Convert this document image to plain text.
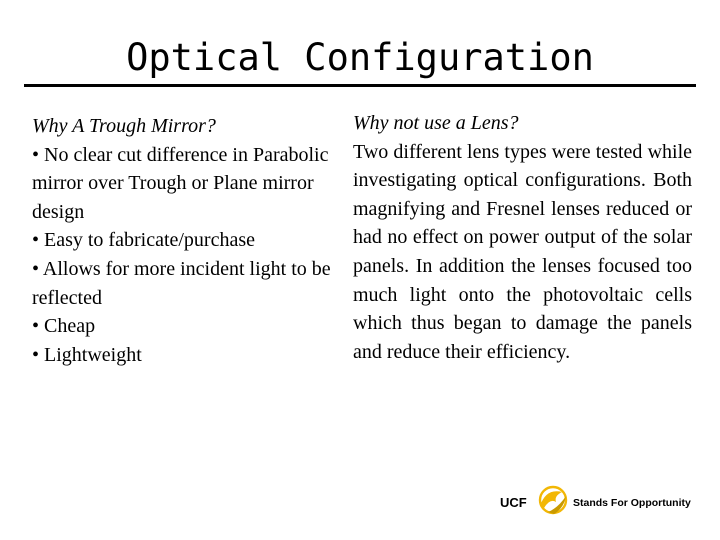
Optical Configuration
Why A Trough Mirror?
• No clear cut difference in Parabolic mirror over Trough or Plane mirror design
• Easy to fabricate/purchase
• Allows for more incident light to be reflected
• Cheap
• Lightweight
Why not use a Lens?
Two different lens types were tested while investigating optical configurations. Both magnifying and Fresnel lenses reduced or had no effect on power output of the solar panels. In addition the lenses focused too much light onto the photovoltaic cells which thus began to damage the panels and reduce their efficiency.
UCF	Stands For Opportunity
